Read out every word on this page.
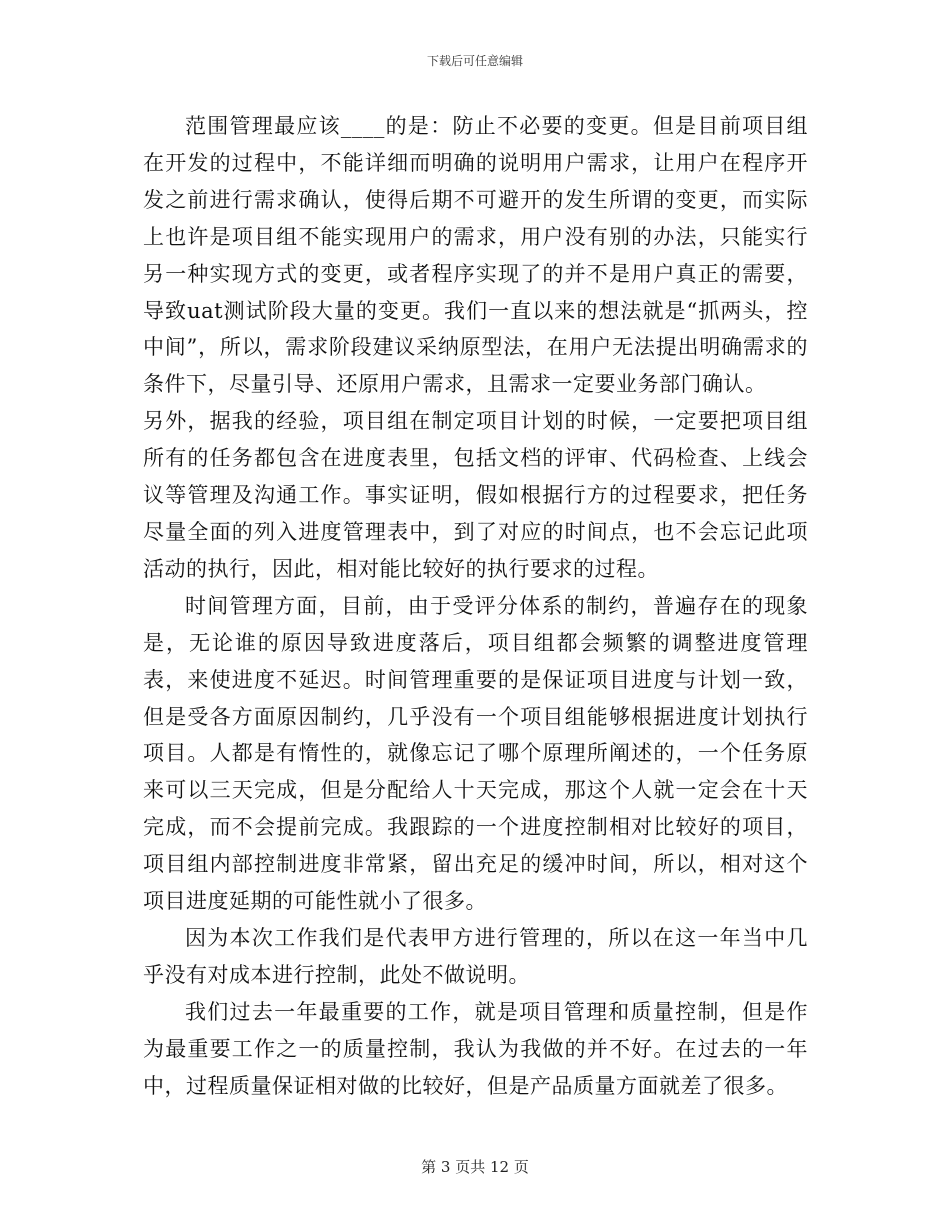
下载后可任意编辑

范围管理最应该____的是：防止不必要的变更。但是目前项目组在开发的过程中，不能详细而明确的说明用户需求，让用户在程序开发之前进行需求确认，使得后期不可避开的发生所谓的变更，而实际上也许是项目组不能实现用户的需求，用户没有别的办法，只能实行另一种实现方式的变更，或者程序实现了的并不是用户真正的需要，导致uat测试阶段大量的变更。我们一直以来的想法就是“抓两头，控中间”，所以，需求阶段建议采纳原型法，在用户无法提出明确需求的条件下，尽量引导、还原用户需求，且需求一定要业务部门确认。

另外，据我的经验，项目组在制定项目计划的时候，一定要把项目组所有的任务都包含在进度表里，包括文档的评审、代码检查、上线会议等管理及沟通工作。事实证明，假如根据行方的过程要求，把任务尽量全面的列入进度管理表中，到了对应的时间点，也不会忘记此项活动的执行，因此，相对能比较好的执行要求的过程。

时间管理方面，目前，由于受评分体系的制约，普遍存在的现象是，无论谁的原因导致进度落后，项目组都会频繁的调整进度管理表，来使进度不延迟。时间管理重要的是保证项目进度与计划一致，但是受各方面原因制约，几乎没有一个项目组能够根据进度计划执行项目。人都是有惰性的，就像忘记了哪个原理所阐述的，一个任务原来可以三天完成，但是分配给人十天完成，那这个人就一定会在十天完成，而不会提前完成。我跟踪的一个进度控制相对比较好的项目，项目组内部控制进度非常紧，留出充足的缓冲时间，所以，相对这个项目进度延期的可能性就小了很多。

因为本次工作我们是代表甲方进行管理的，所以在这一年当中几乎没有对成本进行控制，此处不做说明。

我们过去一年最重要的工作，就是项目管理和质量控制，但是作为最重要工作之一的质量控制，我认为我做的并不好。在过去的一年中，过程质量保证相对做的比较好，但是产品质量方面就差了很多。

第 3 页共 12 页
